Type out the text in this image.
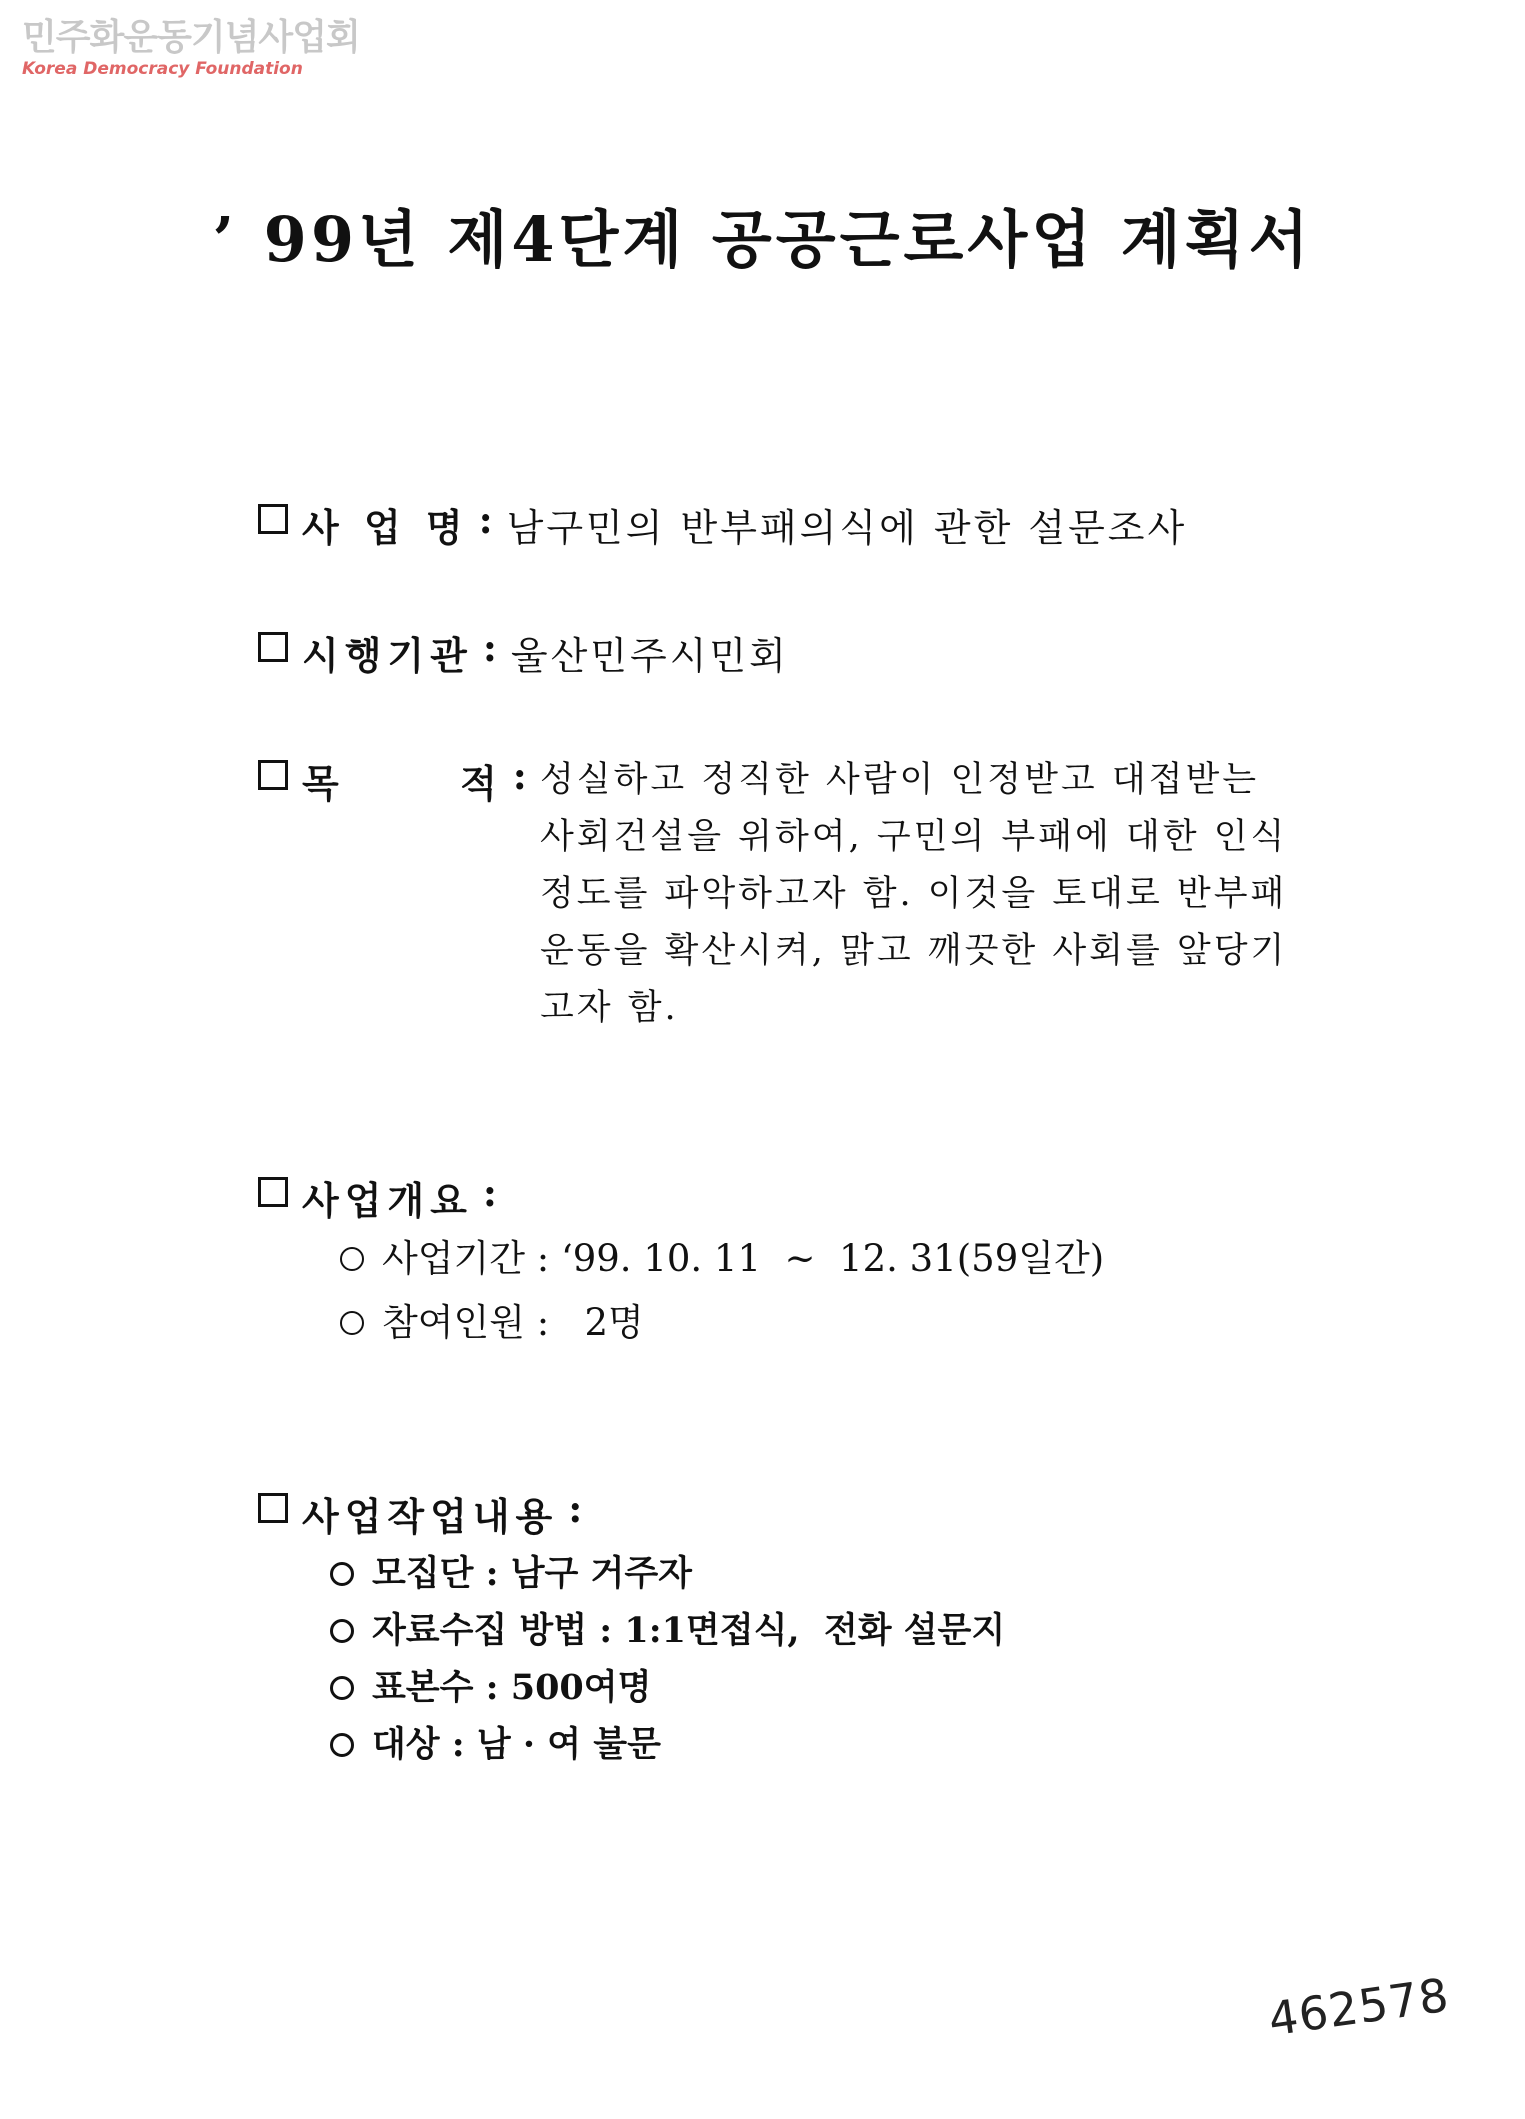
민주화운동기념사업회
Korea Democracy Foundation
’ 99년 제4단계 공공근로사업 계획서
사 업 명 : 남구민의 반부패의식에 관한 설문조사
시행기관 : 울산민주시민회
목      적 : 성실하고 정직한 사람이 인정받고 대접받는
사회건설을 위하여, 구민의 부패에 대한 인식
정도를 파악하고자 함. 이것을 토대로 반부패
운동을 확산시켜, 맑고 깨끗한 사회를 앞당기
고자 함.
사업개요 :
사업기간 : ‘99. 10. 11  ~  12. 31(59일간)
참여인원 :   2명
사업작업내용 :
모집단 : 남구 거주자
자료수집 방법 : 1:1면접식,  전화 설문지
표본수 : 500여명
대상 : 남 · 여 불문
462578
